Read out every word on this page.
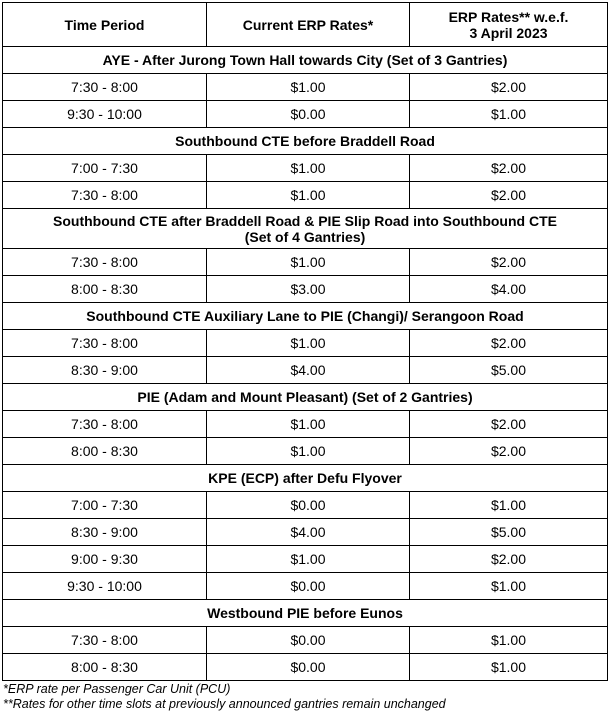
Time Period	Current ERP Rates*	ERP Rates** w.e.f.
3 April 2023
AYE - After Jurong Town Hall towards City (Set of 3 Gantries)		
7:30 - 8:00	$1.00	$2.00
9:30 - 10:00	$0.00	$1.00
Southbound CTE before Braddell Road		
7:00 - 7:30	$1.00	$2.00
7:30 - 8:00	$1.00	$2.00
Southbound CTE after Braddell Road & PIE Slip Road into Southbound CTE
(Set of 4 Gantries)		
7:30 - 8:00	$1.00	$2.00
8:00 - 8:30	$3.00	$4.00
Southbound CTE Auxiliary Lane to PIE (Changi)/ Serangoon Road		
7:30 - 8:00	$1.00	$2.00
8:30 - 9:00	$4.00	$5.00
PIE (Adam and Mount Pleasant) (Set of 2 Gantries)		
7:30 - 8:00	$1.00	$2.00
8:00 - 8:30	$1.00	$2.00
KPE (ECP) after Defu Flyover		
7:00 - 7:30	$0.00	$1.00
8:30 - 9:00	$4.00	$5.00
9:00 - 9:30	$1.00	$2.00
9:30 - 10:00	$0.00	$1.00
Westbound PIE before Eunos		
7:30 - 8:00	$0.00	$1.00
8:00 - 8:30	$0.00	$1.00
*ERP rate per Passenger Car Unit (PCU)
**Rates for other time slots at previously announced gantries remain unchanged
